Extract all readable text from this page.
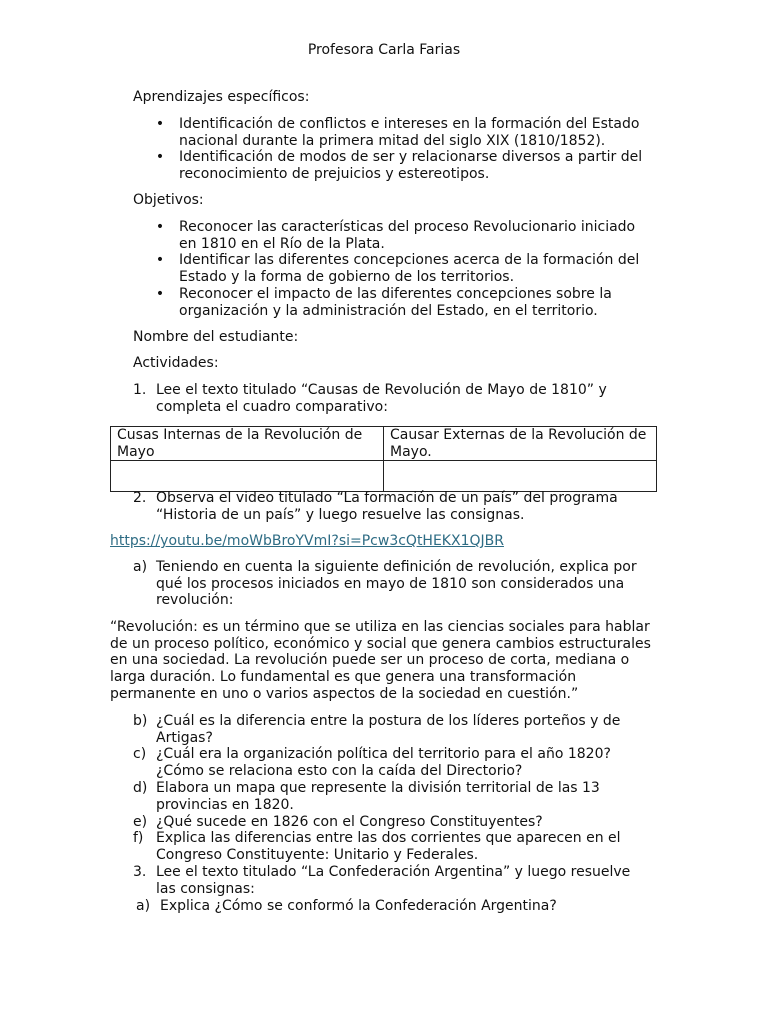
Profesora Carla Farias
Aprendizajes específicos:
• Identificación de conflictos e intereses en la formación del Estado
nacional durante la primera mitad del siglo XIX (1810/1852).
• Identificación de modos de ser y relacionarse diversos a partir del
reconocimiento de prejuicios y estereotipos.
Objetivos:
• Reconocer las características del proceso Revolucionario iniciado
en 1810 en el Río de la Plata.
• Identificar las diferentes concepciones acerca de la formación del
Estado y la forma de gobierno de los territorios.
• Reconocer el impacto de las diferentes concepciones sobre la
organización y la administración del Estado, en el territorio.
Nombre del estudiante:
Actividades:
1. Lee el texto titulado “Causas de Revolución de Mayo de 1810” y
completa el cuadro comparativo:
Cusas Internas de la Revolución de
Mayo	Causar Externas de la Revolución de
Mayo.

2. Observa el video titulado “La formación de un país” del programa
“Historia de un país” y luego resuelve las consignas.
https://youtu.be/moWbBroYVmI?si=Pcw3cQtHEKX1QJBR
a) Teniendo en cuenta la siguiente definición de revolución, explica por
qué los procesos iniciados en mayo de 1810 son considerados una
revolución:
“Revolución: es un término que se utiliza en las ciencias sociales para hablar
de un proceso político, económico y social que genera cambios estructurales
en una sociedad. La revolución puede ser un proceso de corta, mediana o
larga duración. Lo fundamental es que genera una transformación
permanente en uno o varios aspectos de la sociedad en cuestión.”
b) ¿Cuál es la diferencia entre la postura de los líderes porteños y de
Artigas?
c) ¿Cuál era la organización política del territorio para el año 1820?
¿Cómo se relaciona esto con la caída del Directorio?
d) Elabora un mapa que represente la división territorial de las 13
provincias en 1820.
e) ¿Qué sucede en 1826 con el Congreso Constituyentes?
f) Explica las diferencias entre las dos corrientes que aparecen en el
Congreso Constituyente: Unitario y Federales.
3. Lee el texto titulado “La Confederación Argentina” y luego resuelve
las consignas:
a) Explica ¿Cómo se conformó la Confederación Argentina?
